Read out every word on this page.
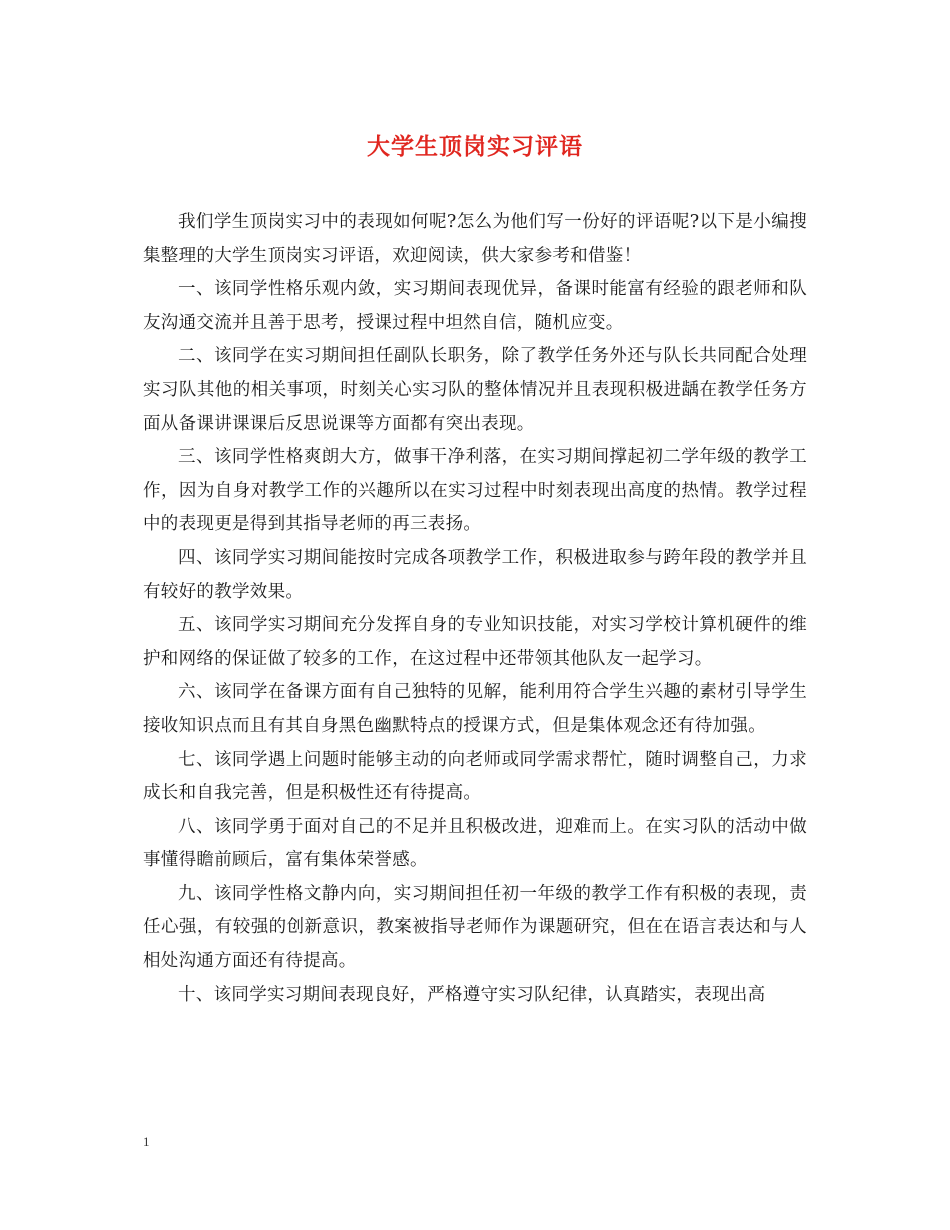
大学生顶岗实习评语

我们学生顶岗实习中的表现如何呢?怎么为他们写一份好的评语呢?以下是小编搜集整理的大学生顶岗实习评语，欢迎阅读，供大家参考和借鉴！

一、该同学性格乐观内敛，实习期间表现优异，备课时能富有经验的跟老师和队友沟通交流并且善于思考，授课过程中坦然自信，随机应变。

二、该同学在实习期间担任副队长职务，除了教学任务外还与队长共同配合处理实习队其他的相关事项，时刻关心实习队的整体情况并且表现积极进龋在教学任务方面从备课讲课课后反思说课等方面都有突出表现。

三、该同学性格爽朗大方，做事干净利落，在实习期间撑起初二学年级的教学工作，因为自身对教学工作的兴趣所以在实习过程中时刻表现出高度的热情。教学过程中的表现更是得到其指导老师的再三表扬。

四、该同学实习期间能按时完成各项教学工作，积极进取参与跨年段的教学并且有较好的教学效果。

五、该同学实习期间充分发挥自身的专业知识技能，对实习学校计算机硬件的维护和网络的保证做了较多的工作，在这过程中还带领其他队友一起学习。

六、该同学在备课方面有自己独特的见解，能利用符合学生兴趣的素材引导学生接收知识点而且有其自身黑色幽默特点的授课方式，但是集体观念还有待加强。

七、该同学遇上问题时能够主动的向老师或同学需求帮忙，随时调整自己，力求成长和自我完善，但是积极性还有待提高。

八、该同学勇于面对自己的不足并且积极改进，迎难而上。在实习队的活动中做事懂得瞻前顾后，富有集体荣誉感。

九、该同学性格文静内向，实习期间担任初一年级的教学工作有积极的表现，责任心强，有较强的创新意识，教案被指导老师作为课题研究，但在在语言表达和与人相处沟通方面还有待提高。

十、该同学实习期间表现良好，严格遵守实习队纪律，认真踏实，表现出高

1
